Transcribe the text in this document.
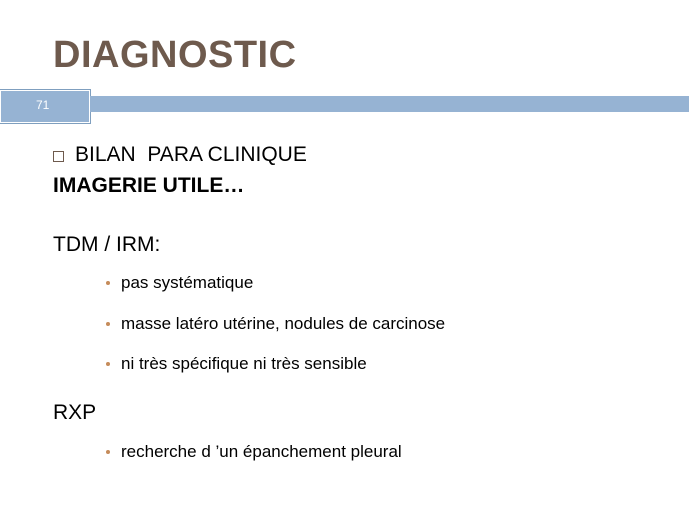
DIAGNOSTIC
71
BILAN  PARA CLINIQUE
IMAGERIE UTILE…
TDM / IRM:
pas systématique
masse latéro utérine, nodules de carcinose
ni très spécifique ni très sensible
RXP
recherche d ’un épanchement pleural
